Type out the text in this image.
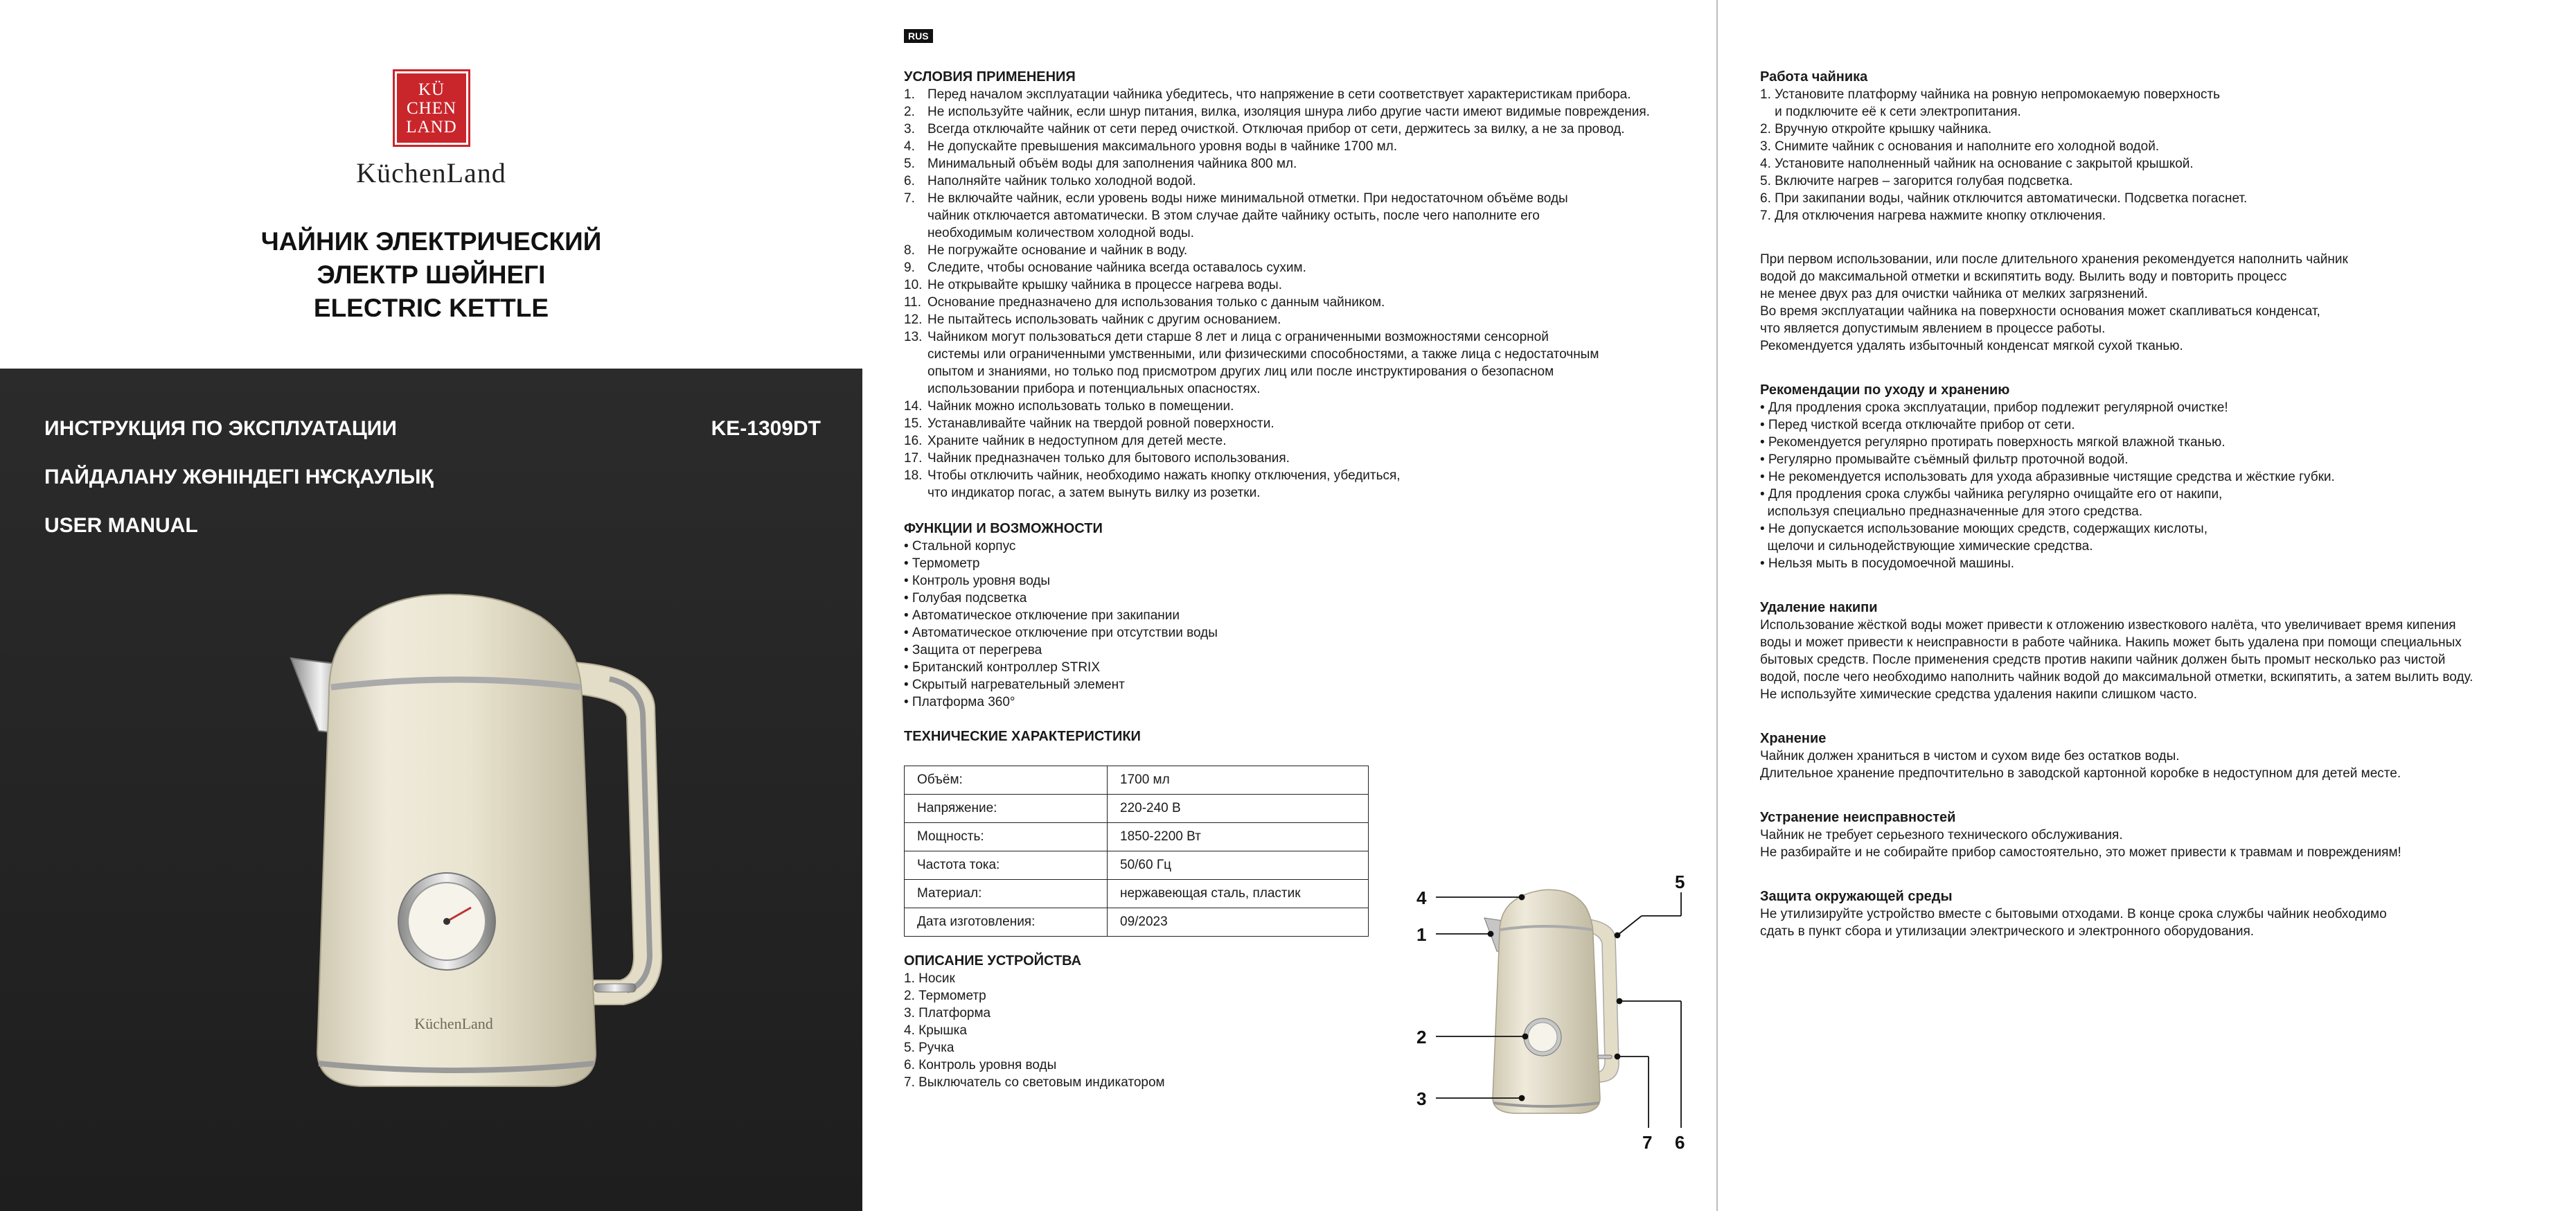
KÜ
CHEN
LAND
KüchenLand
ЧАЙНИК ЭЛЕКТРИЧЕСКИЙ
ЭЛЕКТР ШӘЙНЕГІ
ELECTRIC KETTLE
ИНСТРУКЦИЯ ПО ЭКСПЛУАТАЦИИ
ПАЙДАЛАНУ ЖӨНІНДЕГІ НҰСҚАУЛЫҚ
USER MANUAL
KE-1309DT
KüchenLand
RUS
УСЛОВИЯ ПРИМЕНЕНИЯ
1. Перед началом эксплуатации чайника убедитесь, что напряжение в сети соответствует характеристикам прибора.
2. Не используйте чайник, если шнур питания, вилка, изоляция шнура либо другие части имеют видимые повреждения.
3. Всегда отключайте чайник от сети перед очисткой. Отключая прибор от сети, держитесь за вилку, а не за провод.
4. Не допускайте превышения максимального уровня воды в чайнике 1700 мл.
5. Минимальный объём воды для заполнения чайника 800 мл.
6. Наполняйте чайник только холодной водой.
7. Не включайте чайник, если уровень воды ниже минимальной отметки. При недостаточном объёме воды
чайник отключается автоматически. В этом случае дайте чайнику остыть, после чего наполните его
необходимым количеством холодной воды.
8. Не погружайте основание и чайник в воду.
9. Следите, чтобы основание чайника всегда оставалось сухим.
10. Не открывайте крышку чайника в процессе нагрева воды.
11. Основание предназначено для использования только с данным чайником.
12. Не пытайтесь использовать чайник с другим основанием.
13. Чайником могут пользоваться дети старше 8 лет и лица с ограниченными возможностями сенсорной
системы или ограниченными умственными, или физическими способностями, а также лица с недостаточным
опытом и знаниями, но только под присмотром других лиц или после инструктирования о безопасном
использовании прибора и потенциальных опасностях.
14. Чайник можно использовать только в помещении.
15. Устанавливайте чайник на твердой ровной поверхности.
16. Храните чайник в недоступном для детей месте.
17. Чайник предназначен только для бытового использования.
18. Чтобы отключить чайник, необходимо нажать кнопку отключения, убедиться,
что индикатор погас, а затем вынуть вилку из розетки.
ФУНКЦИИ И ВОЗМОЖНОСТИ
• Стальной корпус
• Термометр
• Контроль уровня воды
• Голубая подсветка
• Автоматическое отключение при закипании
• Автоматическое отключение при отсутствии воды
• Защита от перегрева
• Британский контроллер STRIX
• Скрытый нагревательный элемент
• Платформа 360°
ТЕХНИЧЕСКИЕ ХАРАКТЕРИСТИКИ
Объём:	1700 мл
Напряжение:	220-240 В
Мощность:	1850-2200 Вт
Частота тока:	50/60 Гц
Материал:	нержавеющая сталь, пластик
Дата изготовления:	09/2023
ОПИСАНИЕ УСТРОЙСТВА
1. Носик
2. Термометр
3. Платформа
4. Крышка
5. Ручка
6. Контроль уровня воды
7. Выключатель со световым индикатором
4
1
2
3
5
6
7
Работа чайника
1. Установите платформу чайника на ровную непромокаемую поверхность
и подключите её к сети электропитания.
2. Вручную откройте крышку чайника.
3. Снимите чайник с основания и наполните его холодной водой.
4. Установите наполненный чайник на основание с закрытой крышкой.
5. Включите нагрев – загорится голубая подсветка.
6. При закипании воды, чайник отключится автоматически. Подсветка погаснет.
7. Для отключения нагрева нажмите кнопку отключения.
При первом использовании, или после длительного хранения рекомендуется наполнить чайник
водой до максимальной отметки и вскипятить воду. Вылить воду и повторить процесс
не менее двух раз для очистки чайника от мелких загрязнений.
Во время эксплуатации чайника на поверхности основания может скапливаться конденсат,
что является допустимым явлением в процессе работы.
Рекомендуется удалять избыточный конденсат мягкой сухой тканью.
Рекомендации по уходу и хранению
• Для продления срока эксплуатации, прибор подлежит регулярной очистке!
• Перед чисткой всегда отключайте прибор от сети.
• Рекомендуется регулярно протирать поверхность мягкой влажной тканью.
• Регулярно промывайте съёмный фильтр проточной водой.
• Не рекомендуется использовать для ухода абразивные чистящие средства и жёсткие губки.
• Для продления срока службы чайника регулярно очищайте его от накипи,
используя специально предназначенные для этого средства.
• Не допускается использование моющих средств, содержащих кислоты,
щелочи и сильнодействующие химические средства.
• Нельзя мыть в посудомоечной машины.
Удаление накипи
Использование жёсткой воды может привести к отложению известкового налёта, что увеличивает время кипения
воды и может привести к неисправности в работе чайника. Накипь может быть удалена при помощи специальных
бытовых средств. После применения средств против накипи чайник должен быть промыт несколько раз чистой
водой, после чего необходимо наполнить чайник водой до максимальной отметки, вскипятить, а затем вылить воду.
Не используйте химические средства удаления накипи слишком часто.
Хранение
Чайник должен храниться в чистом и сухом виде без остатков воды.
Длительное хранение предпочтительно в заводской картонной коробке в недоступном для детей месте.
Устранение неисправностей
Чайник не требует серьезного технического обслуживания.
Не разбирайте и не собирайте прибор самостоятельно, это может привести к травмам и повреждениям!
Защита окружающей среды
Не утилизируйте устройство вместе с бытовыми отходами. В конце срока службы чайник необходимо
сдать в пункт сбора и утилизации электрического и электронного оборудования.
